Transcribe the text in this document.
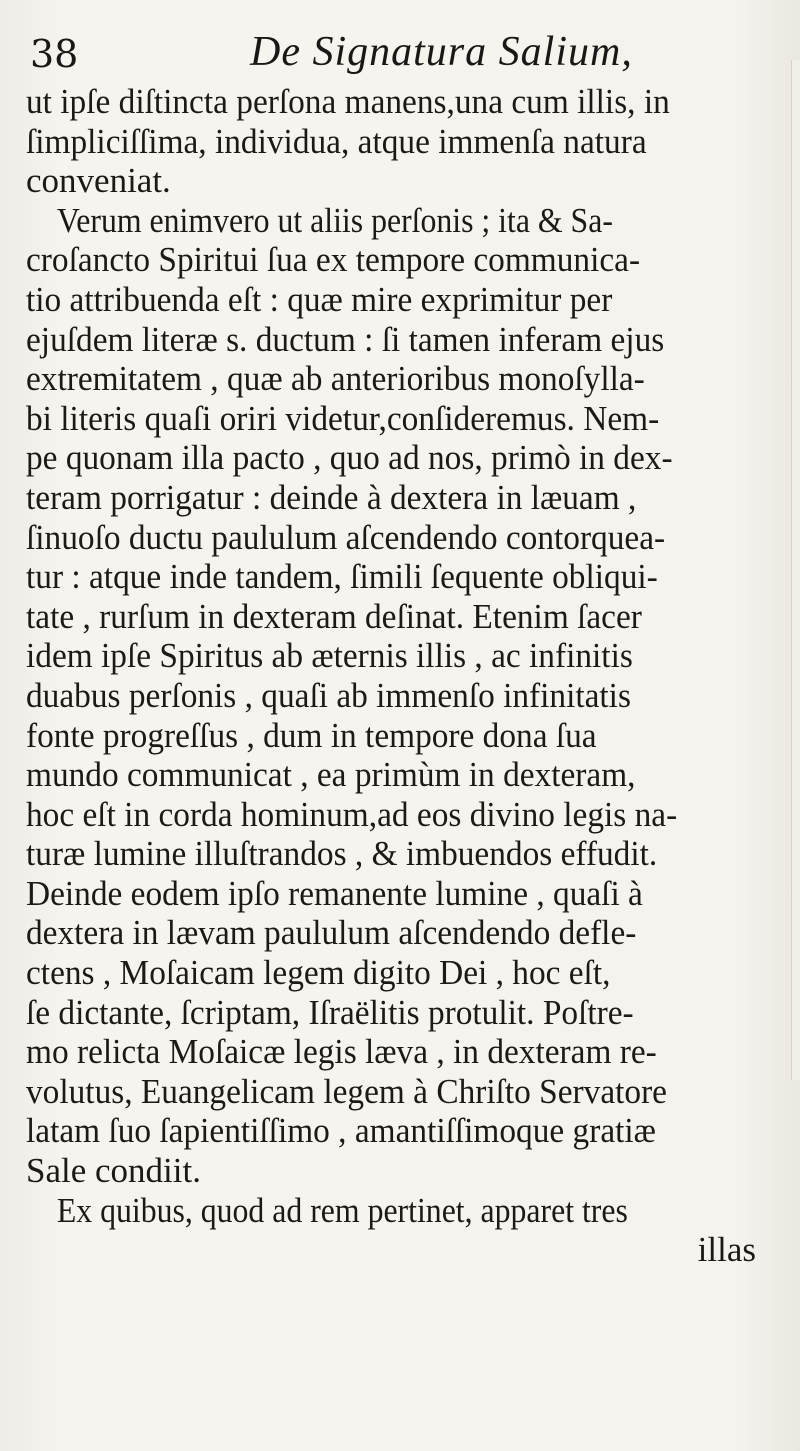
38	De Signatura Salium,
ut ipſe diſtincta perſona manens,una cum illis, in
ſimpliciſſima, individua, atque immenſa natura
conveniat.
Verum enimvero ut aliis perſonis ; ita & Sa-
croſancto Spiritui ſua ex tempore communica-
tio attribuenda eſt : quæ mire exprimitur per
ejuſdem literæ s. ductum : ſi tamen inferam ejus
extremitatem , quæ ab anterioribus monoſylla-
bi literis quaſi oriri videtur,conſideremus. Nem-
pe quonam illa pacto , quo ad nos, primò in dex-
teram porrigatur : deinde à dextera in læuam ,
ſinuoſo ductu paululum aſcendendo contorquea-
tur : atque inde tandem, ſimili ſequente obliqui-
tate , rurſum in dexteram deſinat. Etenim ſacer
idem ipſe Spiritus ab æternis illis , ac infinitis
duabus perſonis , quaſi ab immenſo infinitatis
fonte progreſſus , dum in tempore dona ſua
mundo communicat , ea primùm in dexteram,
hoc eſt in corda hominum,ad eos divino legis na-
turæ lumine illuſtrandos , & imbuendos effudit.
Deinde eodem ipſo remanente lumine , quaſi à
dextera in lævam paululum aſcendendo defle-
ctens , Moſaicam legem digito Dei , hoc eſt,
ſe dictante, ſcriptam, Iſraëlitis protulit. Poſtre-
mo relicta Moſaicæ legis læva , in dexteram re-
volutus, Euangelicam legem à Chriſto Servatore
latam ſuo ſapientiſſimo , amantiſſimoque gratiæ
Sale condiit.
Ex quibus, quod ad rem pertinet, apparet tres
illas
